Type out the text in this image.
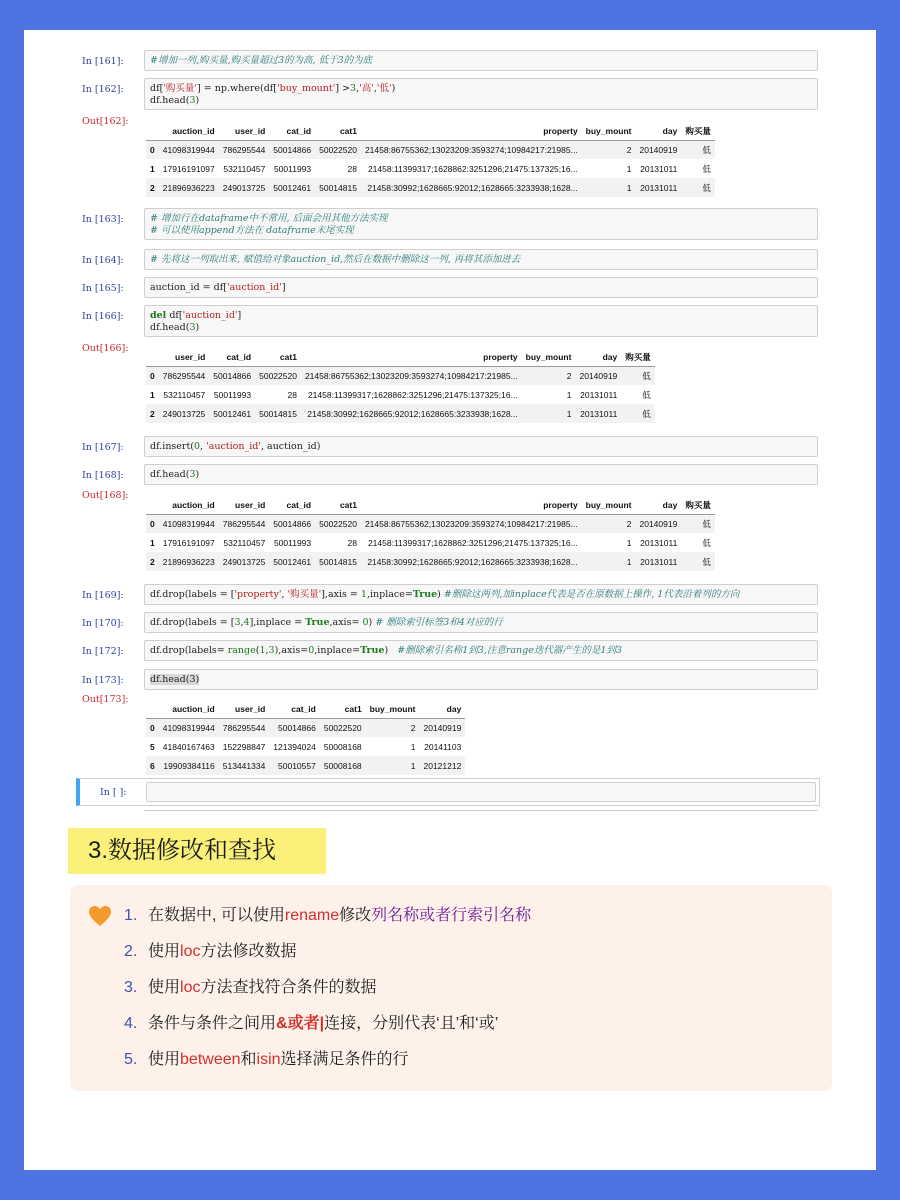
In [161]:	#增加一列,购买量,购买量超过3的为高, 低于3的为底
In [162]:	df['购买量'] = np.where(df['buy_mount'] >3,'高','低')
df.head(3)
Out[162]:
	auction_id	user_id	cat_id	cat1	property	buy_mount	day	购买量
0	41098319944	786295544	50014866	50022520	21458:86755362;13023209:3593274;10984217:21985...	2	20140919	低
1	17916191097	532110457	50011993	28	21458:11399317;1628862:3251296;21475:137325;16...	1	20131011	低
2	21896936223	249013725	50012461	50014815	21458:30992;1628665:92012;1628665:3233938;1628...	1	20131011	低
In [163]:	# 增加行在dataframe中不常用, 后面会用其他方法实现
# 可以使用append方法在 dataframe末尾实现
In [164]:	# 先将这一列取出来, 赋值给对象auction_id,然后在数据中删除这一列, 再将其添加进去
In [165]:	auction_id = df['auction_id']
In [166]:	del df['auction_id']
df.head(3)
Out[166]:
	user_id	cat_id	cat1	property	buy_mount	day	购买量
0	786295544	50014866	50022520	21458:86755362;13023209:3593274;10984217:21985...	2	20140919	低
1	532110457	50011993	28	21458:11399317;1628862:3251296;21475:137325;16...	1	20131011	低
2	249013725	50012461	50014815	21458:30992;1628665:92012;1628665:3233938;1628...	1	20131011	低
In [167]:	df.insert(0, 'auction_id', auction_id)
In [168]:	df.head(3)
Out[168]:
	auction_id	user_id	cat_id	cat1	property	buy_mount	day	购买量
0	41098319944	786295544	50014866	50022520	21458:86755362;13023209:3593274;10984217:21985...	2	20140919	低
1	17916191097	532110457	50011993	28	21458:11399317;1628862:3251296;21475:137325;16...	1	20131011	低
2	21896936223	249013725	50012461	50014815	21458:30992;1628665:92012;1628665:3233938;1628...	1	20131011	低
In [169]:	df.drop(labels = ['property', '购买量'],axis = 1,inplace=True) #删除这两列,加inplace代表是否在原数据上操作, 1代表沿着列的方向
In [170]:	df.drop(labels = [3,4],inplace = True,axis= 0) # 删除索引标签3和4对应的行
In [172]:	df.drop(labels= range(1,3),axis=0,inplace=True)   #删除索引名称1到3,注意range迭代器产生的是1到3
In [173]:	df.head(3)
Out[173]:
	auction_id	user_id	cat_id	cat1	buy_mount	day
0	41098319944	786295544	50014866	50022520	2	20140919
5	41840167463	152298847	121394024	50008168	1	20141103
6	19909384116	513441334	50010557	50008168	1	20121212
In [ ]:
3.数据修改和查找
1. 在数据中, 可以使用rename修改列名称或者行索引名称
2. 使用loc方法修改数据
3. 使用loc方法查找符合条件的数据
4. 条件与条件之间用&或者|连接，分别代表‘且’和‘或’
5. 使用between和isin选择满足条件的行
